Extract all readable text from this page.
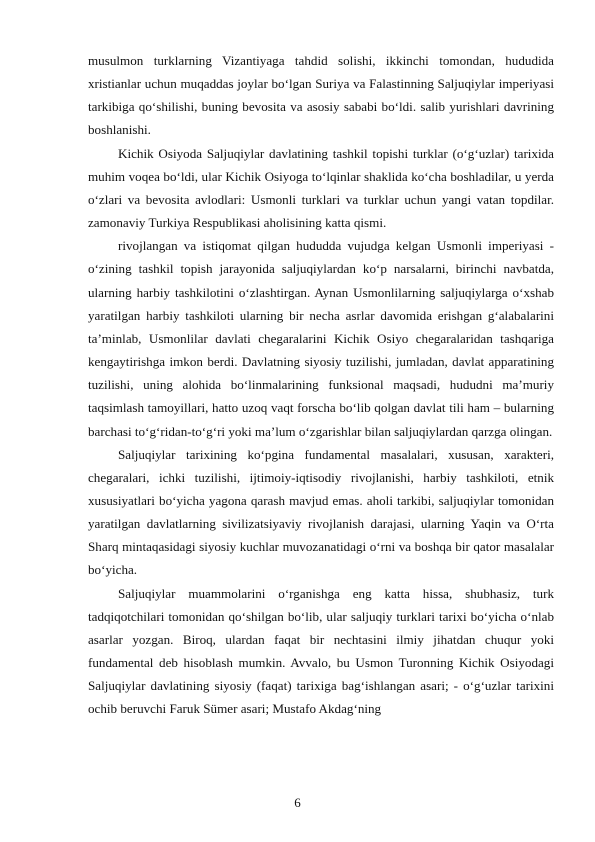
musulmon turklarning Vizantiyaga tahdid solishi, ikkinchi tomondan, hududida xristianlar uchun muqaddas joylar bo‘lgan Suriya va Falastinning Saljuqiylar imperiyasi tarkibiga qo‘shilishi, buning bevosita va asosiy sababi bo‘ldi. salib yurishlari davrining boshlanishi.

Kichik Osiyoda Saljuqiylar davlatining tashkil topishi turklar (o‘g‘uzlar) tarixida muhim voqea bo‘ldi, ular Kichik Osiyoga to‘lqinlar shaklida ko‘cha boshladilar, u yerda o‘zlari va bevosita avlodlari: Usmonli turklari va turklar uchun yangi vatan topdilar. zamonaviy Turkiya Respublikasi aholisining katta qismi.

rivojlangan va istiqomat qilgan hududda vujudga kelgan Usmonli imperiyasi - o‘zining tashkil topish jarayonida saljuqiylardan ko‘p narsalarni, birinchi navbatda, ularning harbiy tashkilotini o‘zlashtirgan. Aynan Usmonlilarning saljuqiylarga o‘xshab yaratilgan harbiy tashkiloti ularning bir necha asrlar davomida erishgan g‘alabalarini ta’minlab, Usmonlilar davlati chegaralarini Kichik Osiyo chegaralaridan tashqariga kengaytirishga imkon berdi. Davlatning siyosiy tuzilishi, jumladan, davlat apparatining tuzilishi, uning alohida bo‘linmalarining funksional maqsadi, hududni ma’muriy taqsimlash tamoyillari, hatto uzoq vaqt forscha bo‘lib qolgan davlat tili ham – bularning barchasi to‘g‘ridan-to‘g‘ri yoki ma’lum o‘zgarishlar bilan saljuqiylardan qarzga olingan.

Saljuqiylar tarixining ko‘pgina fundamental masalalari, xususan, xarakteri, chegaralari, ichki tuzilishi, ijtimoiy-iqtisodiy rivojlanishi, harbiy tashkiloti, etnik xususiyatlari bo‘yicha yagona qarash mavjud emas. aholi tarkibi, saljuqiylar tomonidan yaratilgan davlatlarning sivilizatsiyaviy rivojlanish darajasi, ularning Yaqin va O‘rta Sharq mintaqasidagi siyosiy kuchlar muvozanatidagi o‘rni va boshqa bir qator masalalar bo‘yicha.

Saljuqiylar muammolarini o‘rganishga eng katta hissa, shubhasiz, turk tadqiqotchilari tomonidan qo‘shilgan bo‘lib, ular saljuqiy turklari tarixi bo‘yicha o‘nlab asarlar yozgan. Biroq, ulardan faqat bir nechtasini ilmiy jihatdan chuqur yoki fundamental deb hisoblash mumkin. Avvalo, bu Usmon Turonning Kichik Osiyodagi Saljuqiylar davlatining siyosiy (faqat) tarixiga bag‘ishlangan asari; - o‘g‘uzlar tarixini ochib beruvchi Faruk Sümer asari; Mustafo Akdag‘ning

6
